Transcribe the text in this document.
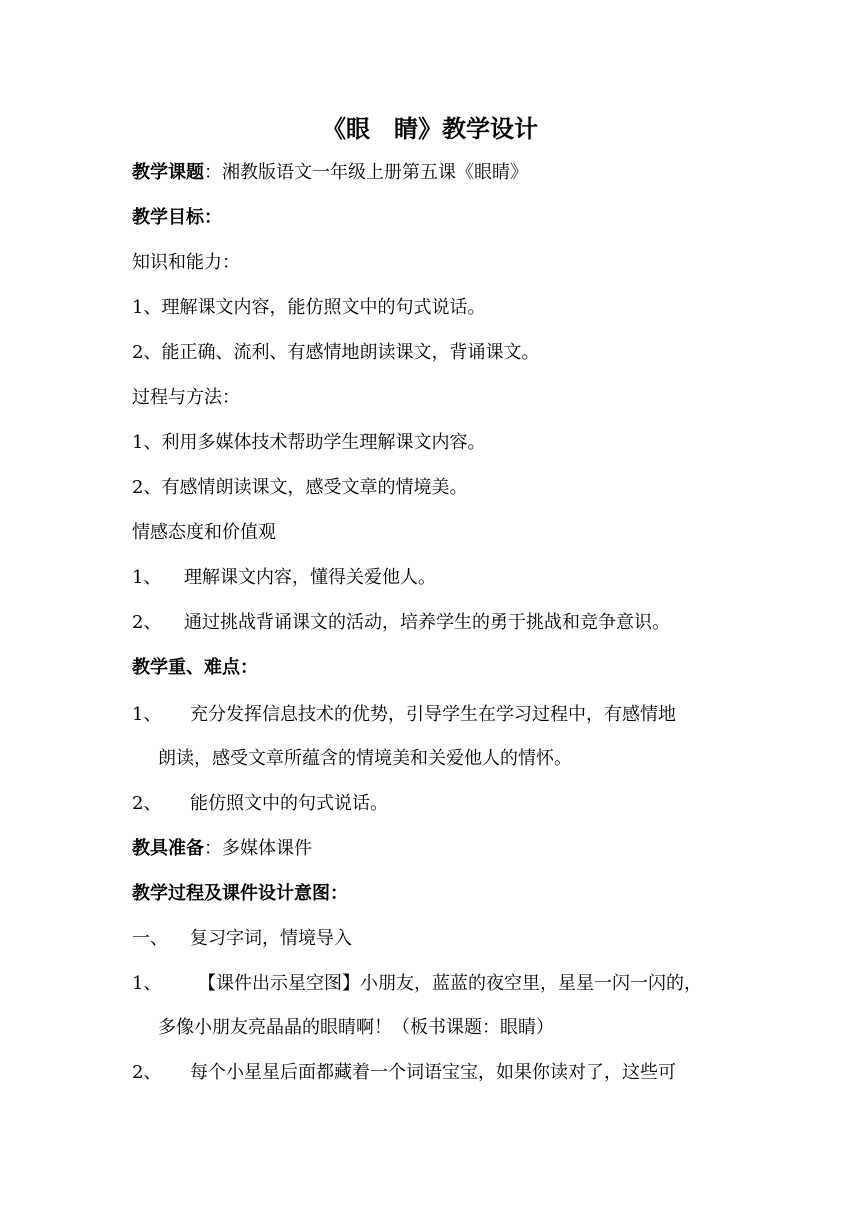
《眼　睛》教学设计
教学课题：湘教版语文一年级上册第五课《眼睛》
教学目标：
知识和能力：
1、理解课文内容，能仿照文中的句式说话。
2、能正确、流利、有感情地朗读课文，背诵课文。
过程与方法：
1、利用多媒体技术帮助学生理解课文内容。
2、有感情朗读课文，感受文章的情境美。
情感态度和价值观
1、 理解课文内容，懂得关爱他人。
2、 通过挑战背诵课文的活动，培养学生的勇于挑战和竞争意识。
教学重、难点：
1、 充分发挥信息技术的优势，引导学生在学习过程中，有感情地
朗读，感受文章所蕴含的情境美和关爱他人的情怀。
2、 能仿照文中的句式说话。
教具准备：多媒体课件
教学过程及课件设计意图：
一、 复习字词，情境导入
1、 【课件出示星空图】小朋友，蓝蓝的夜空里，星星一闪一闪的，
多像小朋友亮晶晶的眼睛啊！（板书课题：眼睛）
2、 每个小星星后面都藏着一个词语宝宝，如果你读对了，这些可
